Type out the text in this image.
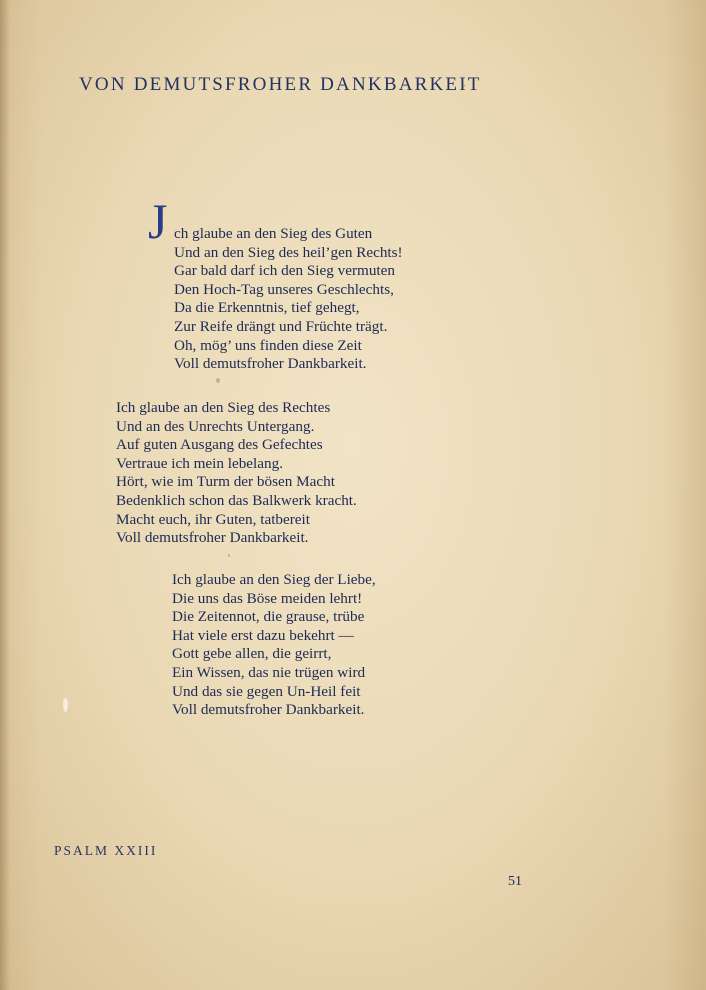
VON DEMUTSFROHER DANKBARKEIT
J ch glaube an den Sieg des Guten
Und an den Sieg des heil’gen Rechts!
Gar bald darf ich den Sieg vermuten
Den Hoch-Tag unseres Geschlechts,
Da die Erkenntnis, tief gehegt,
Zur Reife drängt und Früchte trägt.
Oh, mög’ uns finden diese Zeit
Voll demutsfroher Dankbarkeit.
Ich glaube an den Sieg des Rechtes
Und an des Unrechts Untergang.
Auf guten Ausgang des Gefechtes
Vertraue ich mein lebelang.
Hört, wie im Turm der bösen Macht
Bedenklich schon das Balkwerk kracht.
Macht euch, ihr Guten, tatbereit
Voll demutsfroher Dankbarkeit.
Ich glaube an den Sieg der Liebe,
Die uns das Böse meiden lehrt!
Die Zeitennot, die grause, trübe
Hat viele erst dazu bekehrt —
Gott gebe allen, die geirrt,
Ein Wissen, das nie trügen wird
Und das sie gegen Un-Heil feit
Voll demutsfroher Dankbarkeit.
PSALM XXIII
51
